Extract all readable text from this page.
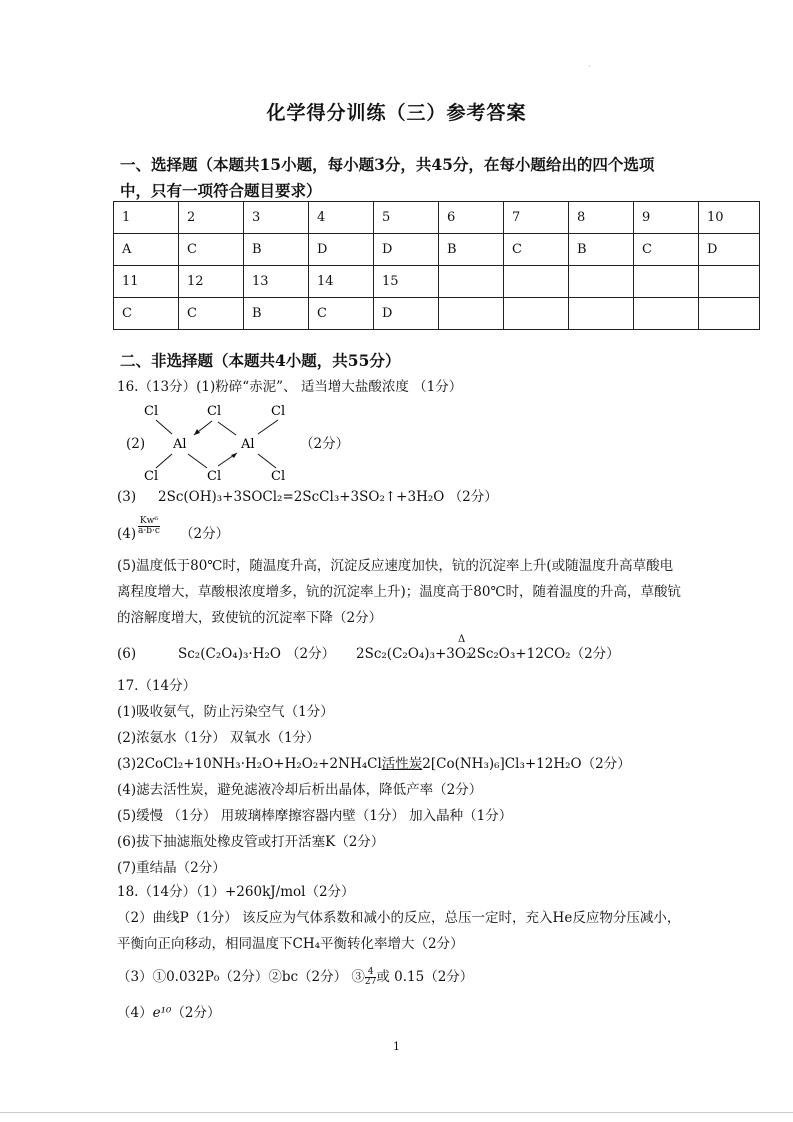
·
化学得分训练（三）参考答案
一、选择题（本题共15小题，每小题3分，共45分，在每小题给出的四个选项
中，只有一项符合题目要求）
1	2	3	4	5	6	7	8	9	10
A	C	B	D	D	B	C	B	C	D
11	12	13	14	15					
C	C	B	C	D					
二、非选择题（本题共4小题，共55分）
16.（13分）(1)粉碎“赤泥”、 适当增大盐酸浓度 （1分）
(2)
Cl	Cl	Cl
Al	Al
Cl	Cl	Cl
（2分）
(3) 2Sc(OH)₃+3SOCl₂=2ScCl₃+3SO₂↑+3H₂O （2分）
$(4) \frac{\text{Kw⁶}}{a\cdot b\cdot c} (2$分）
(5)温度低于80℃时，随温度升高，沉淀反应速度加快，钪的沉淀率上升(或随温度升高草酸电离程度增大，草酸根浓度增多，钪的沉淀率上升)；温度高于80℃时，随着温度的升高，草酸钪的溶解度增大，致使钪的沉淀率下降（2分）
(6)	Sc₂(C₂O₄)₃·H₂O （2分） 2Sc₂(C₂O₄)₃+3O₂
Δ
2Sc₂O₃+12CO₂（2分）
17.（14分）
(1)吸收氨气，防止污染空气（1分）
(2)浓氨水（1分） 双氧水（1分）
(3)2CoCl₂+10NH₃·H₂O+H₂O₂+2NH₄Cl活性炭2[Co(NH₃)₆]Cl₃+12H₂O（2分）
(4)滤去活性炭，避免滤液冷却后析出晶体，降低产率（2分）
(5)缓慢 （1分） 用玻璃棒摩擦容器内壁（1分） 加入晶种（1分）
(6)拔下抽滤瓶处橡皮管或打开活塞K（2分）
(7)重结晶（2分）
18.（14分）（1）+260kJ/mol（2分）
（2）曲线P（1分） 该反应为气体系数和减小的反应，总压一定时，充入He反应物分压减小，平衡向正向移动，相同温度下CH₄平衡转化率增大（2分）
（3）①0.032P₀（2分）②bc（2分） ③ $\frac{4}{27}$ 或 0.15（2分）
（4）e¹⁰（2分）
1
